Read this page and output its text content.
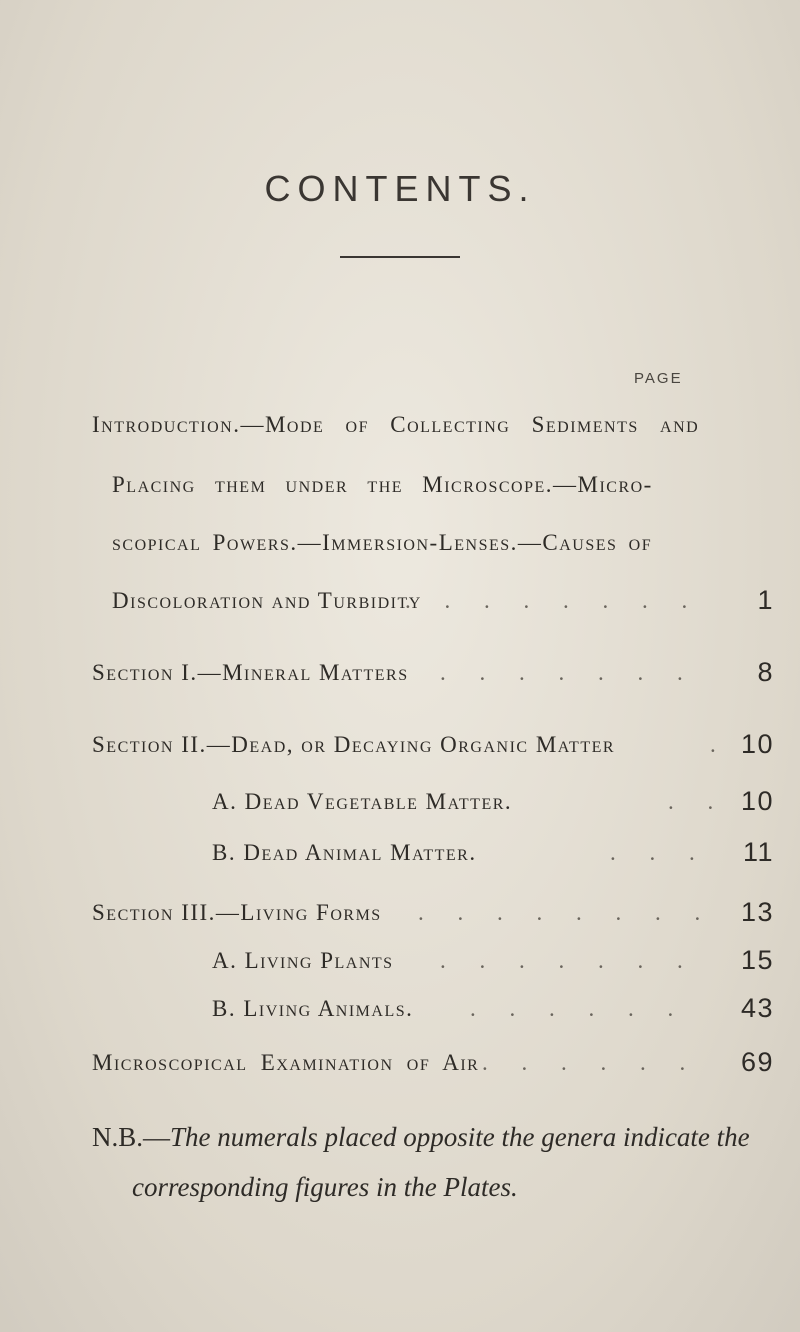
CONTENTS.
PAGE
Introduction.—Mode of Collecting Sediments and
Placing them under the Microscope.—Micro-
scopical Powers.—Immersion-Lenses.—Causes of
Discoloration and Turbidity
. . . . . . . . 1
Section I.—Mineral Matters . . . . . . . 8
Section II.—Dead, or Decaying Organic Matter	. 10
A. Dead Vegetable Matter.	. . 10
B. Dead Animal Matter.	. . . 11
Section III.—Living Forms . . . . . . . . 13
A. Living Plants . . . . . . . 15
B. Living Animals. . . . . . . 43
Microscopical Examination of Air . . . . . . 69
N.B.—The numerals placed opposite the genera indicate the
corresponding figures in the Plates.
